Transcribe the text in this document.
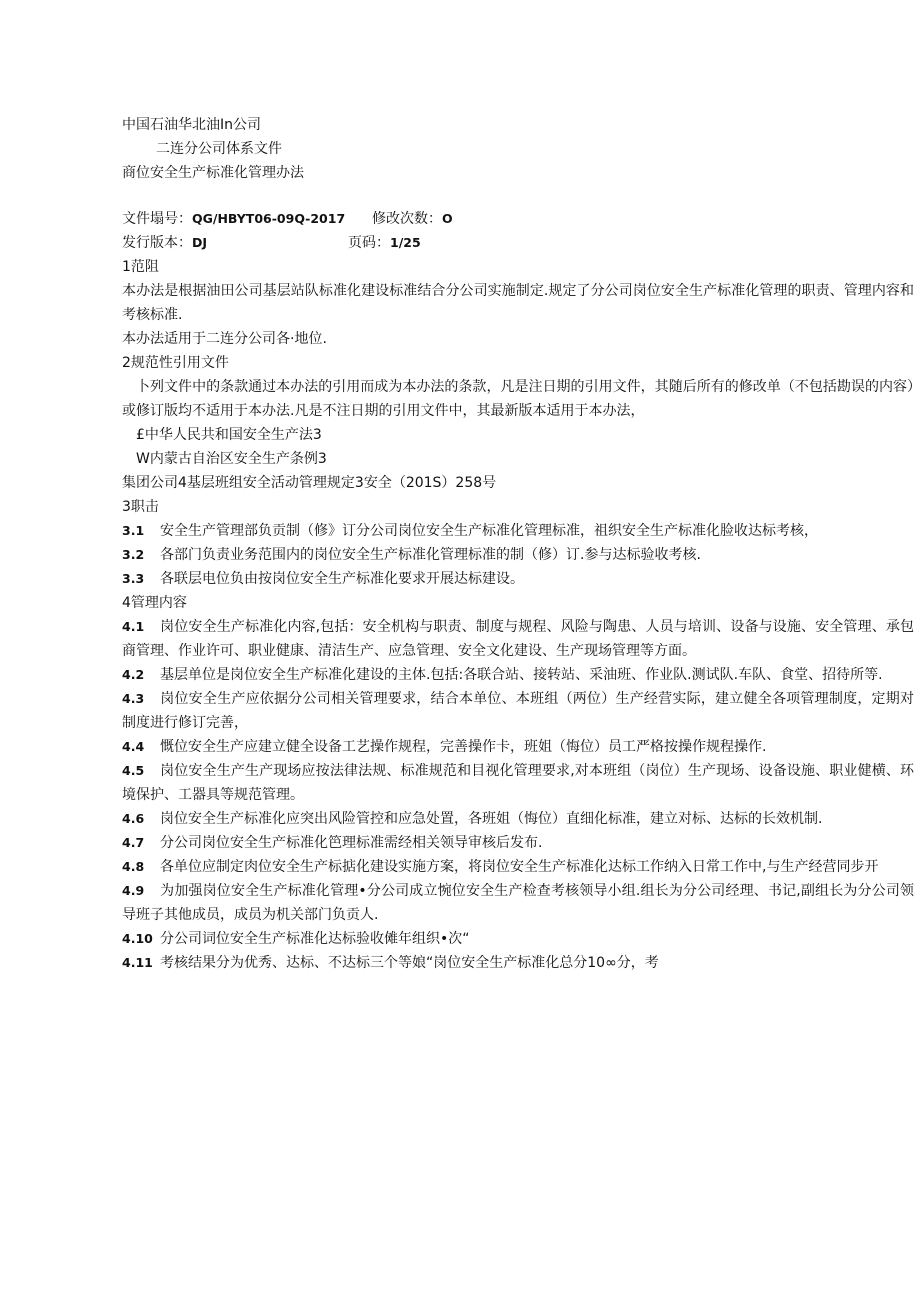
中国石油华北油In公司
二连分公司体系文件
商位安全生产标准化管理办法
文件塌号：QG/HBYT06-09Q-2017 修改次数：O
发行版本：DJ	页码：1/25
1范阻
本办法是根据油田公司基层站队标准化建设标准结合分公司实施制定.规定了分公司岗位安全生产标准化管理的职责、管理内容和考核标准.
本办法适用于二连分公司各·地位.
2规范性引用文件
卜列文件中的条款通过本办法的引用而成为本办法的条款，凡是注日期的引用文件，其随后所有的修改单（不包括勘误的内容）或修订版均不适用于本办法.凡是不注日期的引用文件中，其最新版本适用于本办法，
£中华人民共和国安全生产法3
W内蒙古自治区安全生产条例3
集团公司4基层班组安全活动管理规定3安全（201S）258号
3职击
3.1 安全生产管理部负贡制（修》订分公司岗位安全生产标准化管理标准，祖织安全生产标准化脸收达标考核，
3.2 各部门负责业务范围内的岗位安全生产标准化管理标准的制（修）订.参与达标验收考核.
3.3 各联层电位负由按岗位安全生产标准化要求开展达标建设。
4管理内容
4.1 岗位安全生产标准化内容,包括：安全机构与职责、制度与规程、风险与陶患、人员与培训、设备与设施、安全管理、承包商管理、作业许可、职业健康、清洁生产、应急管理、安全文化建设、生产现场管理等方面。
4.2 基层单位是岗位安全生产标准化建设的主体.包括:各联合站、接转站、采油班、作业队.测试队.车队、食堂、招待所等.
4.3 岗位安全生产应依据分公司相关管理要求，结合本单位、本班组（两位）生产经营实际，建立健全各项管理制度，定期对制度进行修订完善，
4.4 慨位安全生产应建立健全设备工艺操作规程，完善操作卡，班姐（悔位）员工严格按操作规程操作.
4.5 岗位安全生产生产现场应按法律法规、标准规范和目视化管理要求,对本班组（岗位）生产现场、设备设施、职业健横、环境保护、工器具等规范管理。
4.6 岗位安全生产标准化应突出风险管控和应急处置，各班姐（悔位）直细化标准，建立对标、达标的长效机制.
4.7 分公司岗位安全生产标准化笆理标准需经相关领导审核后发布.
4.8 各单位应制定肉位安全生产标掂化建设实施方案，将岗位安全生产标准化达标工作纳入日常工作中,与生产经营同步开
4.9 为加强岗位安全生产标准化管理•分公司成立惋位安全生产检查考核领导小组.组长为分公司经理、书记,副组长为分公司领导班子其他成员，成员为机关部门负贡人.
4.10 分公司词位安全生产标准化达标验收傩年组织•次“
4.11 考核结果分为优秀、达标、不达标三个等娘“岗位安全生产标准化总分10∞分，考
